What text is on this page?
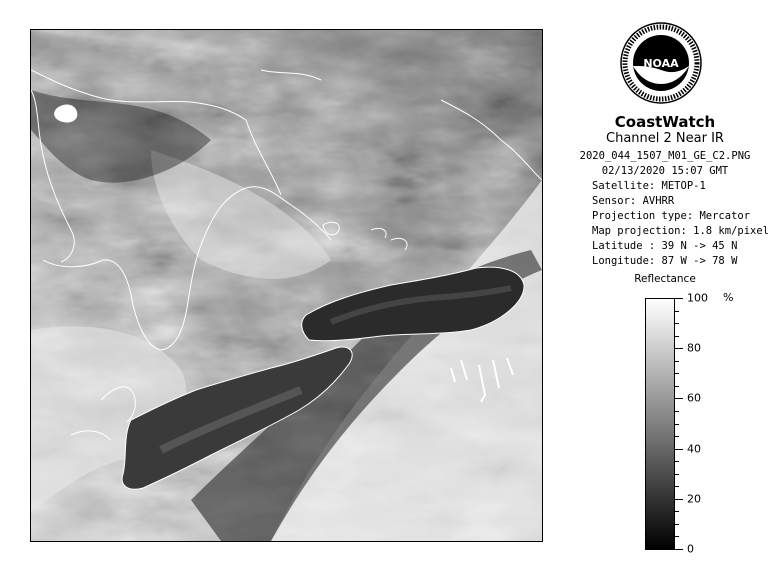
NOAA
CoastWatch
Channel 2 Near IR
2020_044_1507_M01_GE_C2.PNG
02/13/2020 15:07 GMT
Satellite: METOP-1
Sensor: AVHRR
Projection type: Mercator
Map projection: 1.8 km/pixel
Latitude : 39 N -> 45 N
Longitude: 87 W -> 78 W
Reflectance
%
100
80
60
40
20
0
